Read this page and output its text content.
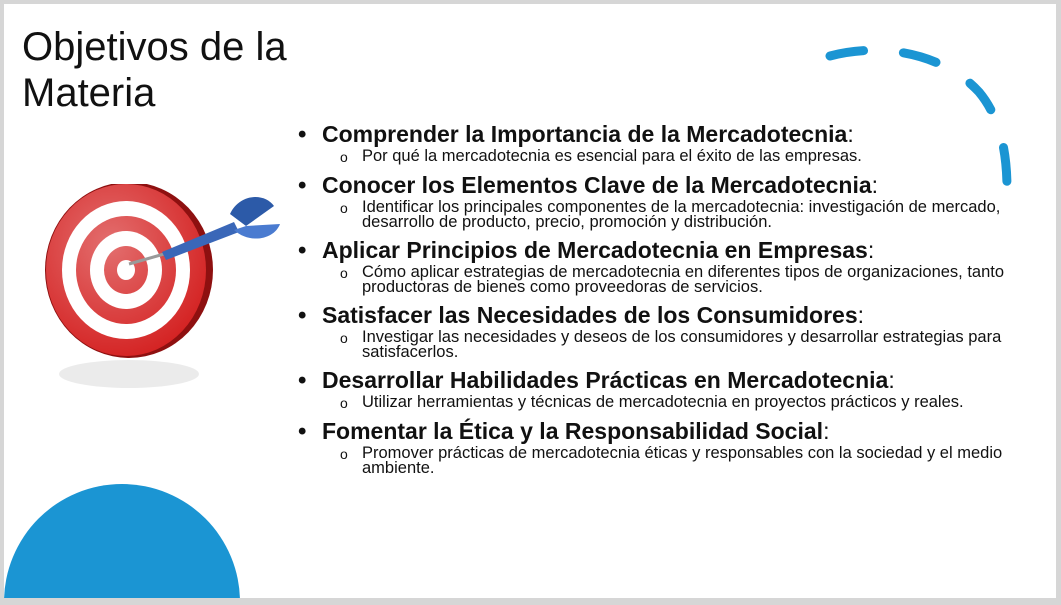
Objetivos de la
Materia
• Comprender la Importancia de la Mercadotecnia :
o Por qué la mercadotecnia es esencial para el éxito de las empresas.
• Conocer los Elementos Clave de la Mercadotecnia :
o Identificar los principales componentes de la mercadotecnia: investigación de mercado, desarrollo de producto, precio, promoción y distribución.
• Aplicar Principios de Mercadotecnia en Empresas :
o Cómo aplicar estrategias de mercadotecnia en diferentes tipos de organizaciones, tanto productoras de bienes como proveedoras de servicios.
• Satisfacer las Necesidades de los Consumidores :
o Investigar las necesidades y deseos de los consumidores y desarrollar estrategias para satisfacerlos.
• Desarrollar Habilidades Prácticas en Mercadotecnia :
o Utilizar herramientas y técnicas de mercadotecnia en proyectos prácticos y reales.
• Fomentar la Ética y la Responsabilidad Social :
o Promover prácticas de mercadotecnia éticas y responsables con la sociedad y el medio ambiente.
